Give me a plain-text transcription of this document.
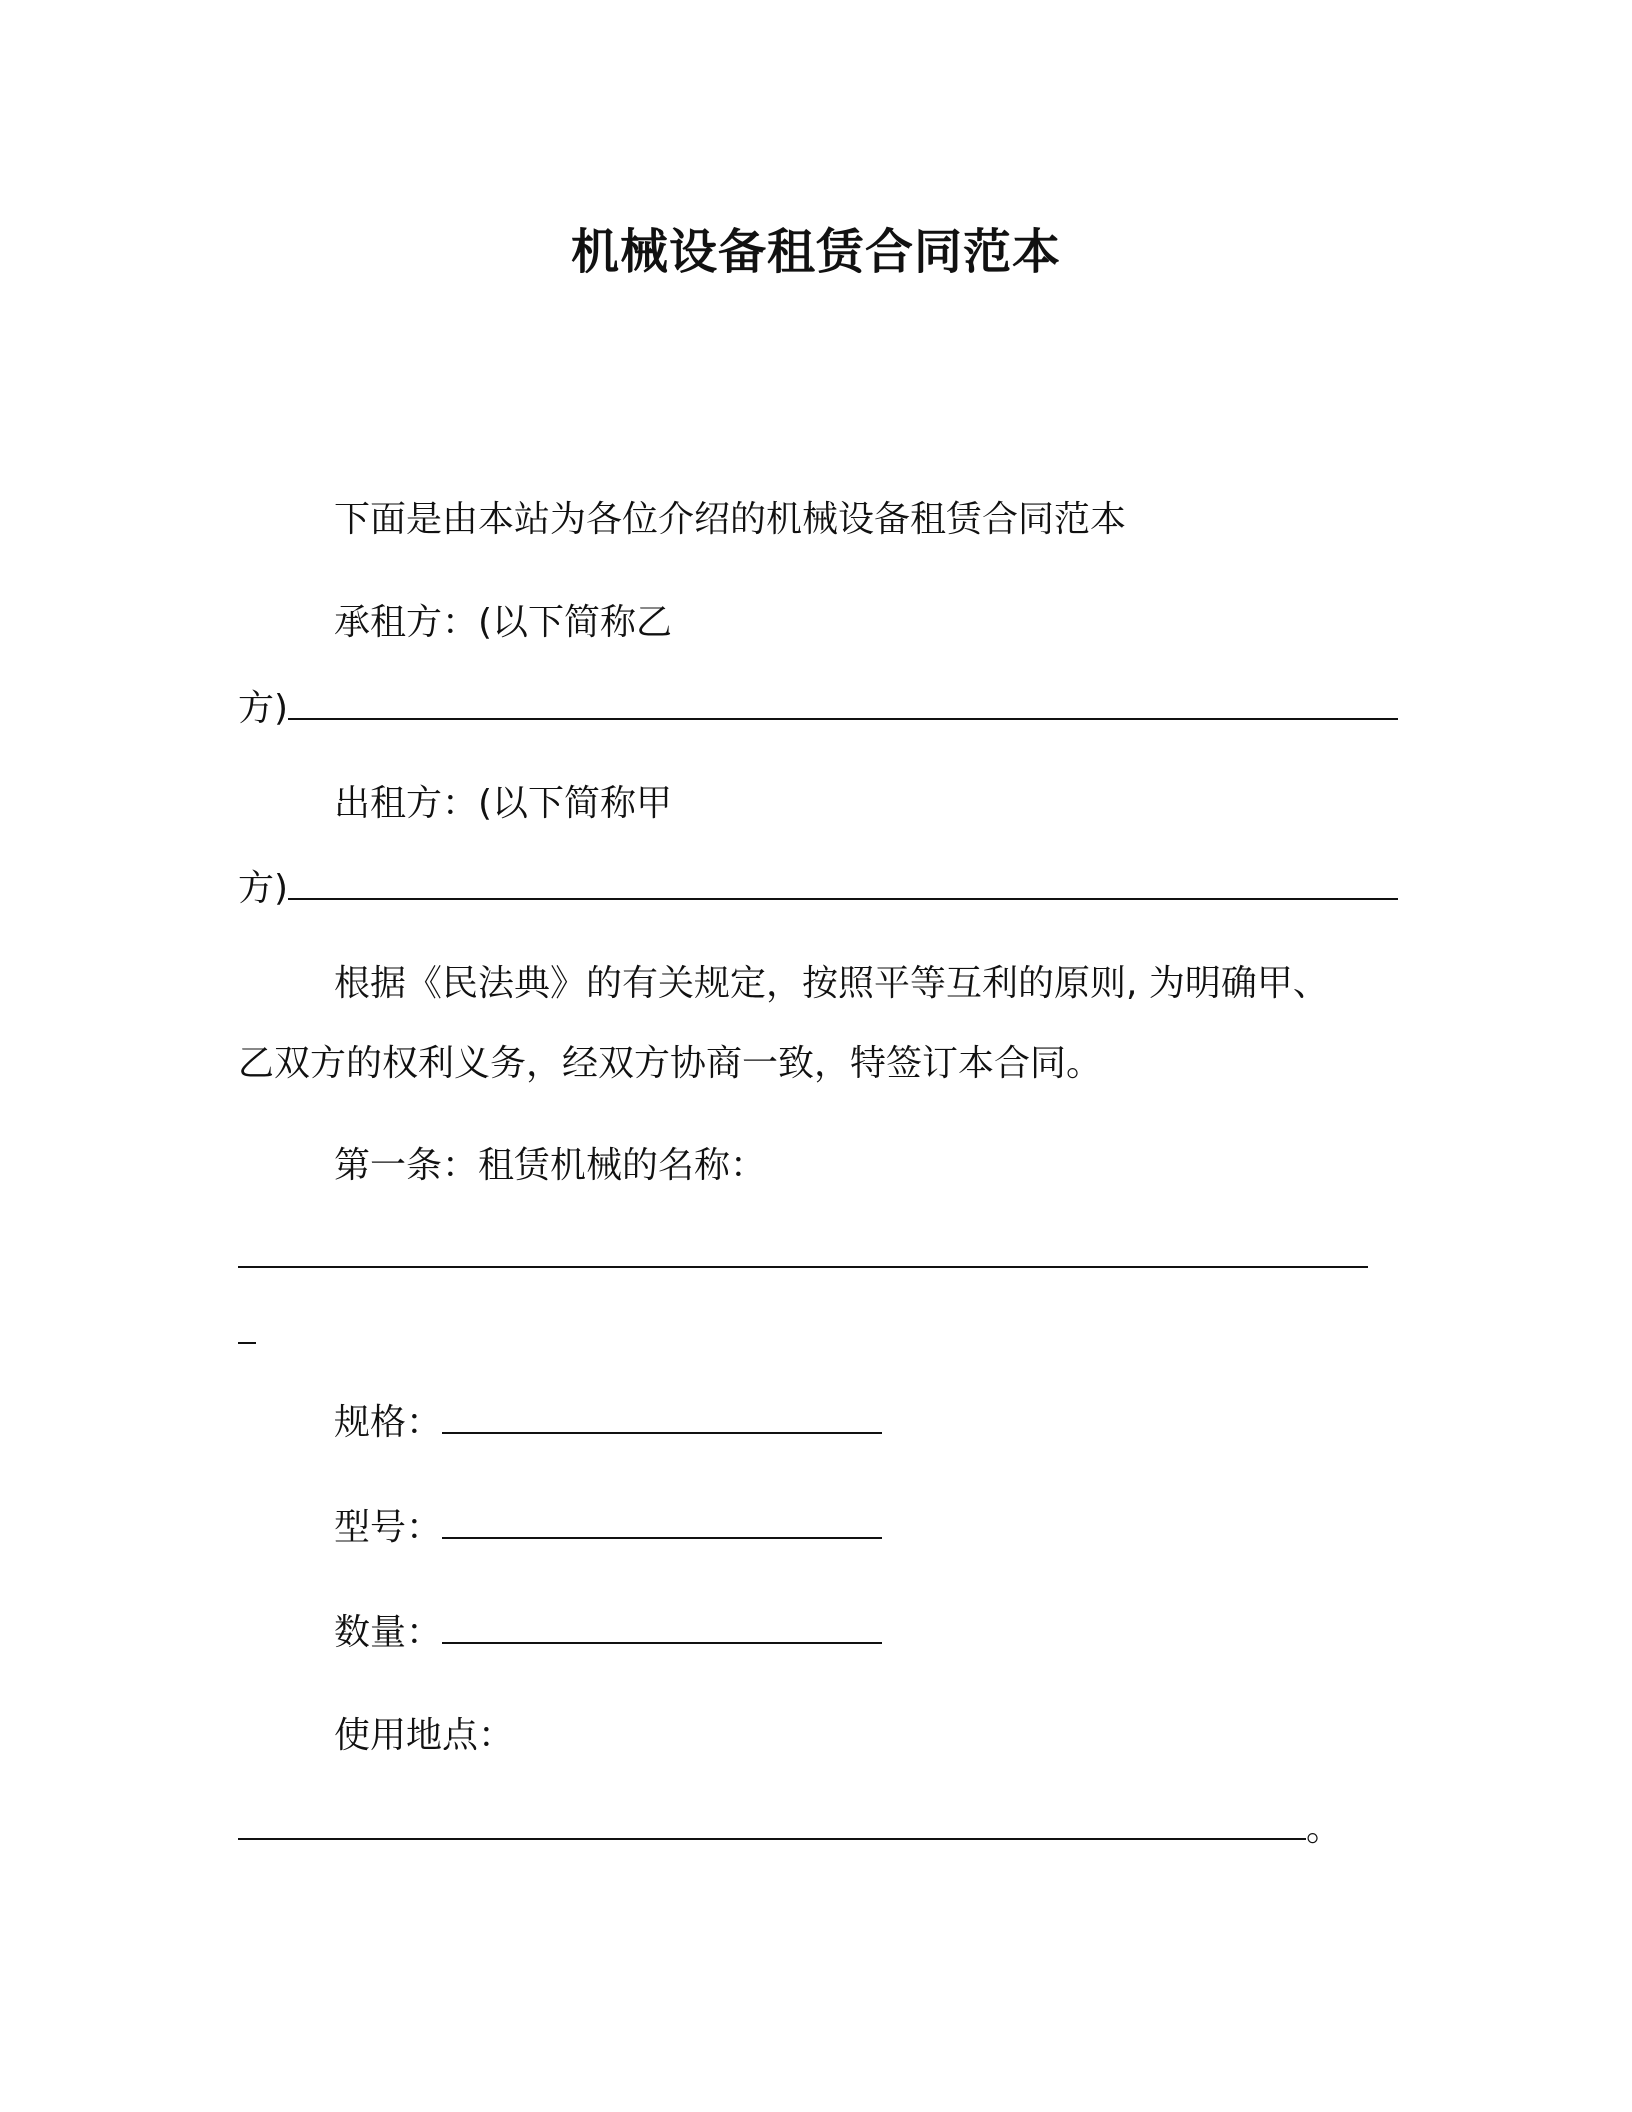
机械设备租赁合同范本
下面是由本站为各位介绍的机械设备租赁合同范本
承租方：(以下简称乙
方)
出租方：(以下简称甲
方)
根据《民法典》的有关规定，按照平等互利的原则, 为明确甲、
乙双方的权利义务，经双方协商一致，特签订本合同。
第一条：租赁机械的名称：
规格：
型号：
数量：
使用地点：
。
